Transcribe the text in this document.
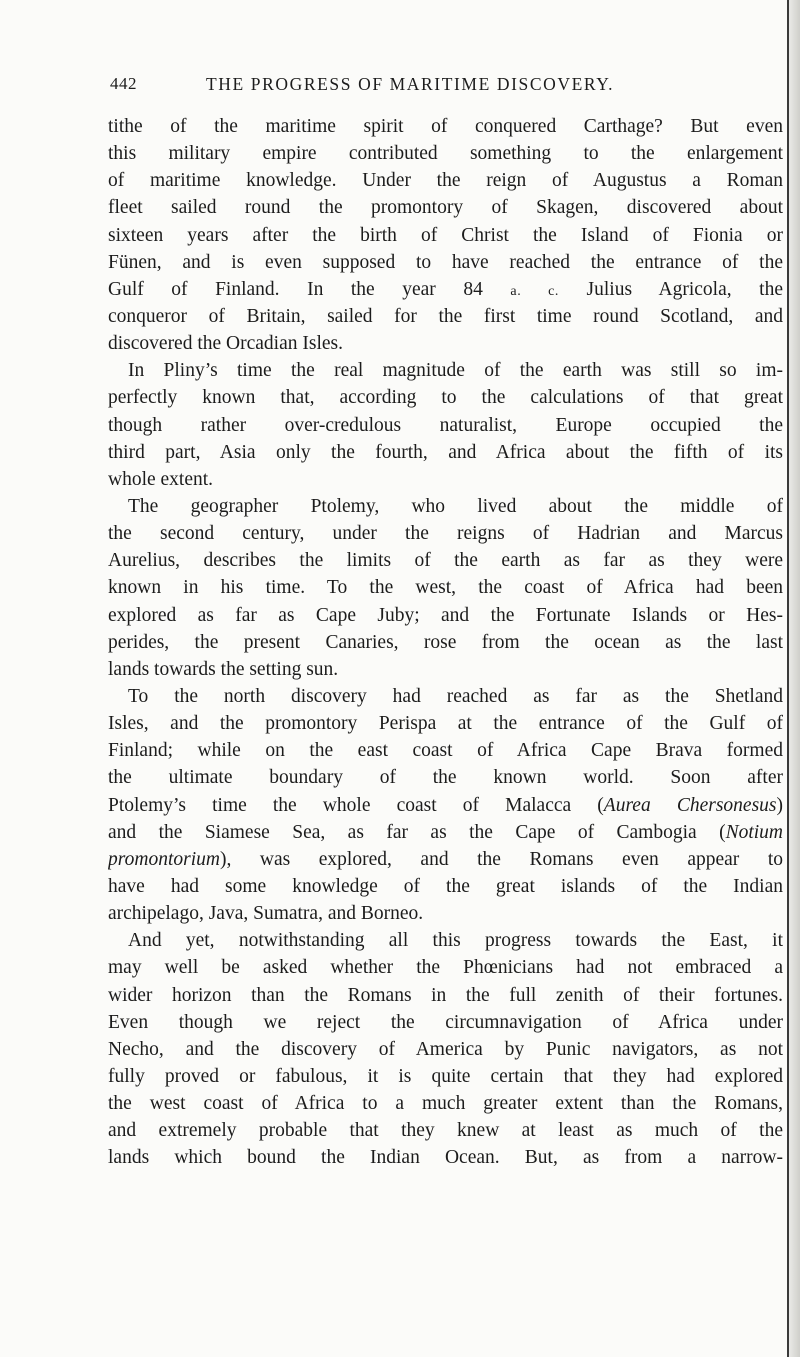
442	THE PROGRESS OF MARITIME DISCOVERY.
tithe of the maritime spirit of conquered Carthage? But even
this military empire contributed something to the enlargement
of maritime knowledge. Under the reign of Augustus a Roman
fleet sailed round the promontory of Skagen, discovered about
sixteen years after the birth of Christ the Island of Fionia or
Fünen, and is even supposed to have reached the entrance of the
Gulf of Finland. In the year 84 a. c. Julius Agricola, the
conqueror of Britain, sailed for the first time round Scotland, and
discovered the Orcadian Isles.
In Pliny’s time the real magnitude of the earth was still so im-
perfectly known that, according to the calculations of that great
though rather over-credulous naturalist, Europe occupied the
third part, Asia only the fourth, and Africa about the fifth of its
whole extent.
The geographer Ptolemy, who lived about the middle of
the second century, under the reigns of Hadrian and Marcus
Aurelius, describes the limits of the earth as far as they were
known in his time. To the west, the coast of Africa had been
explored as far as Cape Juby; and the Fortunate Islands or Hes-
perides, the present Canaries, rose from the ocean as the last
lands towards the setting sun.
To the north discovery had reached as far as the Shetland
Isles, and the promontory Perispa at the entrance of the Gulf of
Finland; while on the east coast of Africa Cape Brava formed
the ultimate boundary of the known world. Soon after
Ptolemy’s time the whole coast of Malacca (Aurea Chersonesus)
and the Siamese Sea, as far as the Cape of Cambogia (Notium
promontorium), was explored, and the Romans even appear to
have had some knowledge of the great islands of the Indian
archipelago, Java, Sumatra, and Borneo.
And yet, notwithstanding all this progress towards the East, it
may well be asked whether the Phœnicians had not embraced a
wider horizon than the Romans in the full zenith of their fortunes.
Even though we reject the circumnavigation of Africa under
Necho, and the discovery of America by Punic navigators, as not
fully proved or fabulous, it is quite certain that they had explored
the west coast of Africa to a much greater extent than the Romans,
and extremely probable that they knew at least as much of the
lands which bound the Indian Ocean. But, as from a narrow-
